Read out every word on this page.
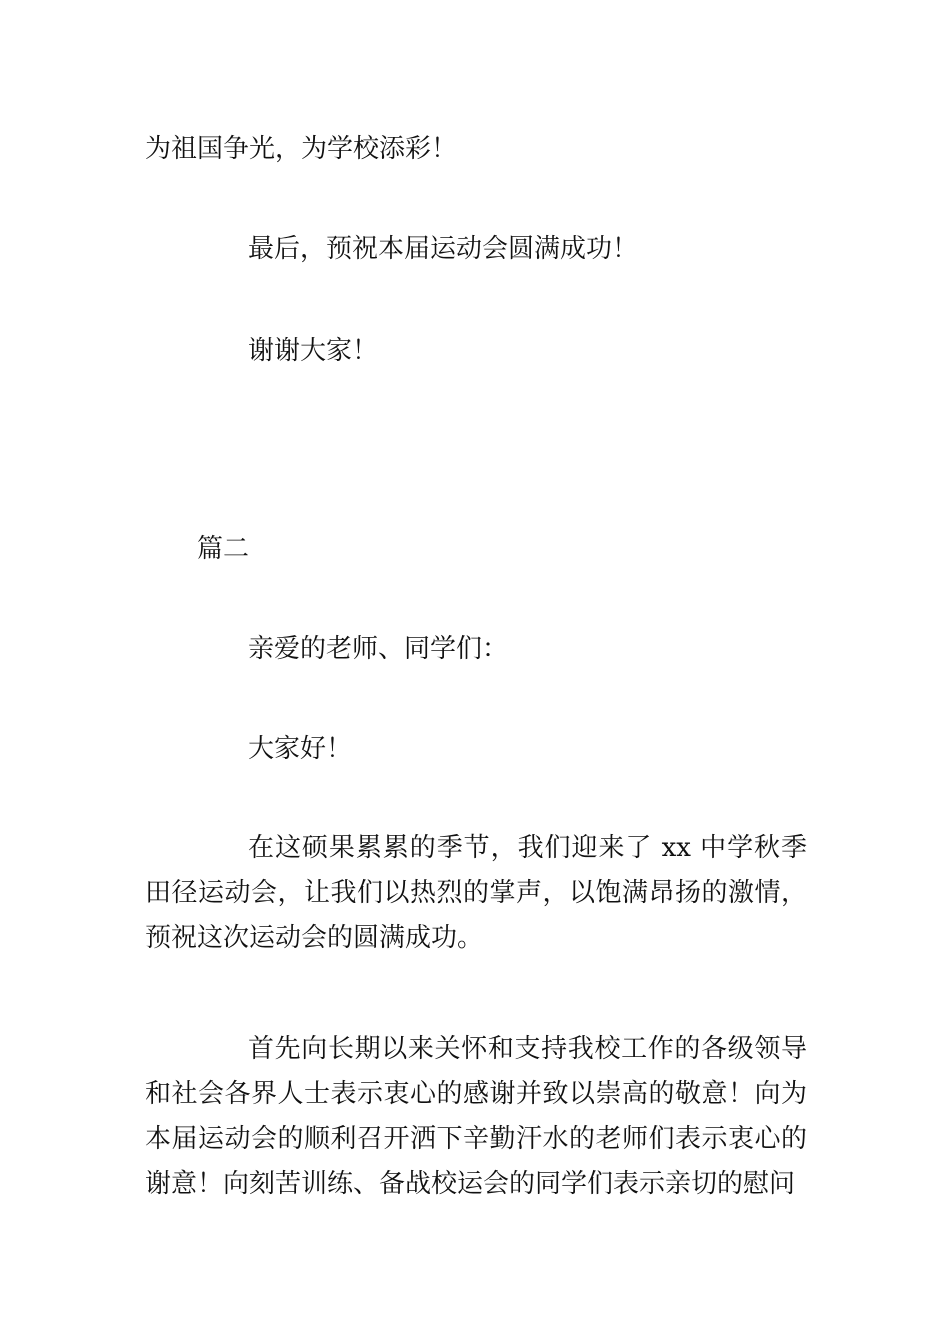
为祖国争光，为学校添彩！
最后，预祝本届运动会圆满成功！
谢谢大家！
篇二
亲爱的老师、同学们：
大家好！
在这硕果累累的季节，我们迎来了 xx 中学秋季田径运动会，让我们以热烈的掌声，以饱满昂扬的激情，预祝这次运动会的圆满成功。
首先向长期以来关怀和支持我校工作的各级领导和社会各界人士表示衷心的感谢并致以崇高的敬意！向为本届运动会的顺利召开洒下辛勤汗水的老师们表示衷心的谢意！向刻苦训练、备战校运会的同学们表示亲切的慰问
